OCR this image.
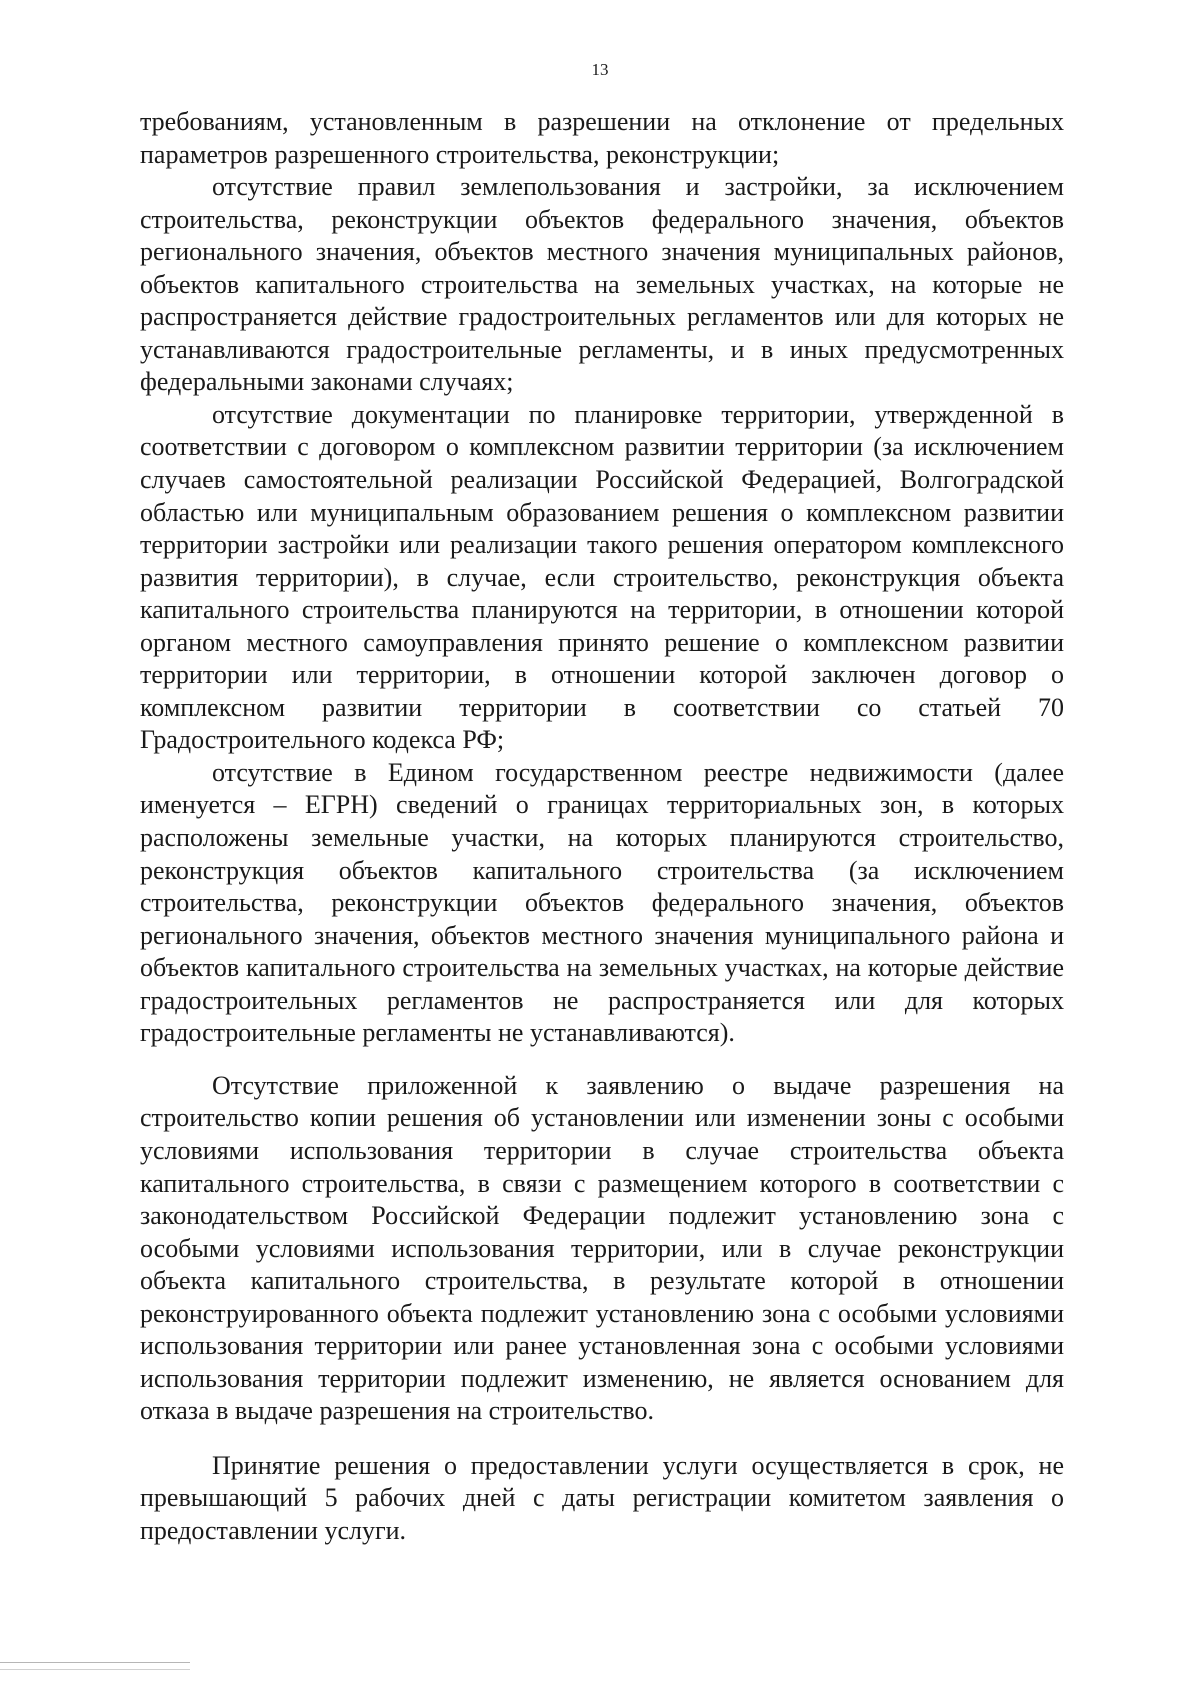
13

требованиям, установленным в разрешении на отклонение от предельных параметров разрешенного строительства, реконструкции;

отсутствие правил землепользования и застройки, за исключением строительства, реконструкции объектов федерального значения, объектов регионального значения, объектов местного значения муниципальных районов, объектов капитального строительства на земельных участках, на которые не распространяется действие градостроительных регламентов или для которых не устанавливаются градостроительные регламенты, и в иных предусмотренных федеральными законами случаях;

отсутствие документации по планировке территории, утвержденной в соответствии с договором о комплексном развитии территории (за исключением случаев самостоятельной реализации Российской Федерацией, Волгоградской областью или муниципальным образованием решения о комплексном развитии территории застройки или реализации такого решения оператором комплексного развития территории), в случае, если строительство, реконструкция объекта капитального строительства планируются на территории, в отношении которой органом местного самоуправления принято решение о комплексном развитии территории или территории, в отношении которой заключен договор о комплексном развитии территории в соответствии со статьей 70 Градостроительного кодекса РФ;

отсутствие в Едином государственном реестре недвижимости (далее именуется – ЕГРН) сведений о границах территориальных зон, в которых расположены земельные участки, на которых планируются строительство, реконструкция объектов капитального строительства (за исключением строительства, реконструкции объектов федерального значения, объектов регионального значения, объектов местного значения муниципального района и объектов капитального строительства на земельных участках, на которые действие градостроительных регламентов не распространяется или для которых градостроительные регламенты не устанавливаются).

Отсутствие приложенной к заявлению о выдаче разрешения на строительство копии решения об установлении или изменении зоны с особыми условиями использования территории в случае строительства объекта капитального строительства, в связи с размещением которого в соответствии с законодательством Российской Федерации подлежит установлению зона с особыми условиями использования территории, или в случае реконструкции объекта капитального строительства, в результате которой в отношении реконструированного объекта подлежит установлению зона с особыми условиями использования территории или ранее установленная зона с особыми условиями использования территории подлежит изменению, не является основанием для отказа в выдаче разрешения на строительство.

Принятие решения о предоставлении услуги осуществляется в срок, не превышающий 5 рабочих дней с даты регистрации комитетом заявления о предоставлении услуги.
